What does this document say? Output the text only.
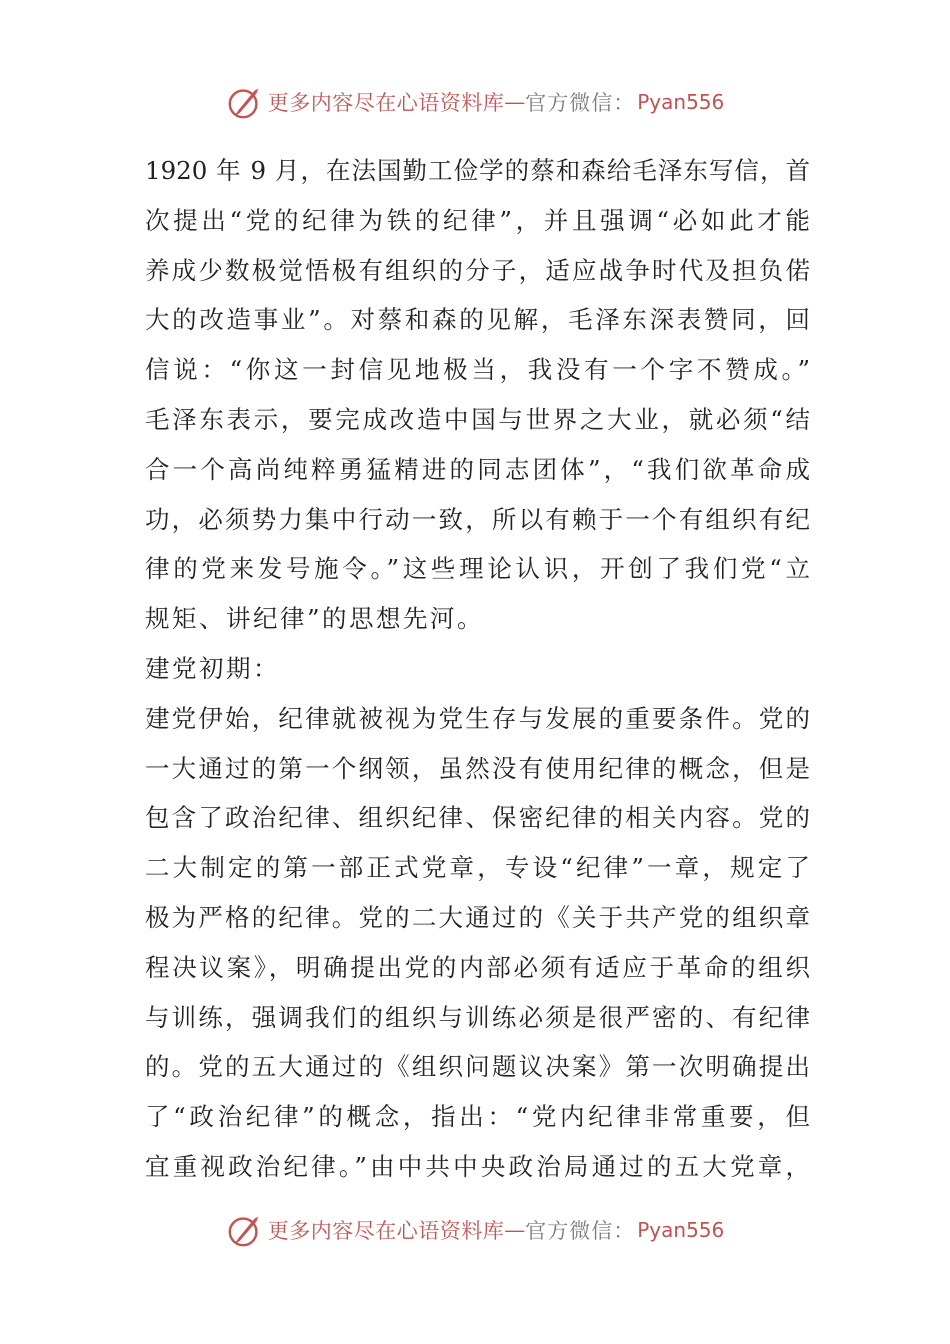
更多内容尽在心语资料库 — 官方微信： Pyan556
1920 年 9 月，在法国勤工俭学的蔡和森给毛泽东写信，首
次提出“党的纪律为铁的纪律”，并且强调“必如此才能
养成少数极觉悟极有组织的分子，适应战争时代及担负偌
大的改造事业”。对蔡和森的见解，毛泽东深表赞同，回
信说：“你这一封信见地极当，我没有一个字不赞成。”
毛泽东表示，要完成改造中国与世界之大业，就必须“结
合一个高尚纯粹勇猛精进的同志团体”，“我们欲革命成
功，必须势力集中行动一致，所以有赖于一个有组织有纪
律的党来发号施令。”这些理论认识，开创了我们党“立
规矩、讲纪律”的思想先河。
建党初期：
建党伊始，纪律就被视为党生存与发展的重要条件。党的
一大通过的第一个纲领，虽然没有使用纪律的概念，但是
包含了政治纪律、组织纪律、保密纪律的相关内容。党的
二大制定的第一部正式党章，专设“纪律”一章，规定了
极为严格的纪律。党的二大通过的《关于共产党的组织章
程决议案》，明确提出党的内部必须有适应于革命的组织
与训练，强调我们的组织与训练必须是很严密的、有纪律
的。党的五大通过的《组织问题议决案》第一次明确提出
了“政治纪律”的概念，指出：“党内纪律非常重要，但
宜重视政治纪律。”由中共中央政治局通过的五大党章，
更多内容尽在心语资料库 — 官方微信： Pyan556
